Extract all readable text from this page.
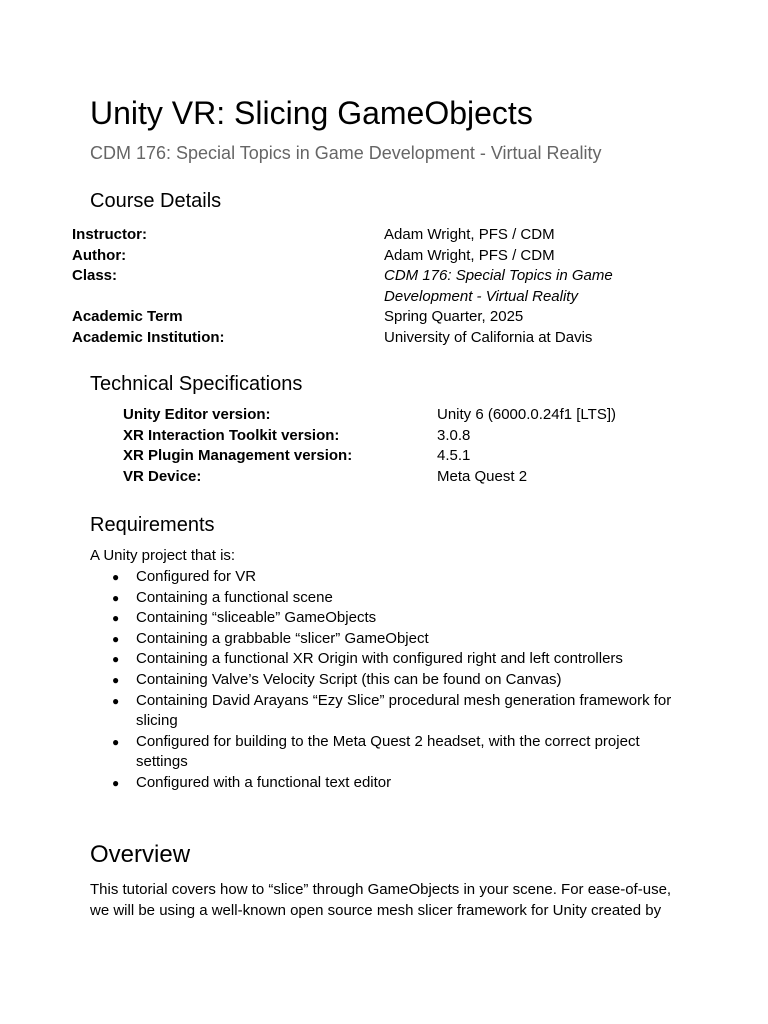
Unity VR: Slicing GameObjects

CDM 176: Special Topics in Game Development - Virtual Reality

Course Details
Instructor:	Adam Wright, PFS / CDM
Author:	Adam Wright, PFS / CDM
Class:	CDM 176: Special Topics in Game Development - Virtual Reality
Academic Term	Spring Quarter, 2025
Academic Institution:	University of California at Davis
Technical Specifications
Unity Editor version:	Unity 6 (6000.0.24f1 [LTS])
XR Interaction Toolkit version:	3.0.8
XR Plugin Management version:	4.5.1
VR Device:	Meta Quest 2
Requirements

A Unity project that is:

● Configured for VR
● Containing a functional scene
● Containing “sliceable” GameObjects
● Containing a grabbable “slicer” GameObject
● Containing a functional XR Origin with configured right and left controllers
● Containing Valve’s Velocity Script (this can be found on Canvas)
● Containing David Arayans “Ezy Slice” procedural mesh generation framework for slicing
● Configured for building to the Meta Quest 2 headset, with the correct project settings
● Configured with a functional text editor
Overview

This tutorial covers how to “slice” through GameObjects in your scene. For ease-of-use, we will be using a well-known open source mesh slicer framework for Unity created by
